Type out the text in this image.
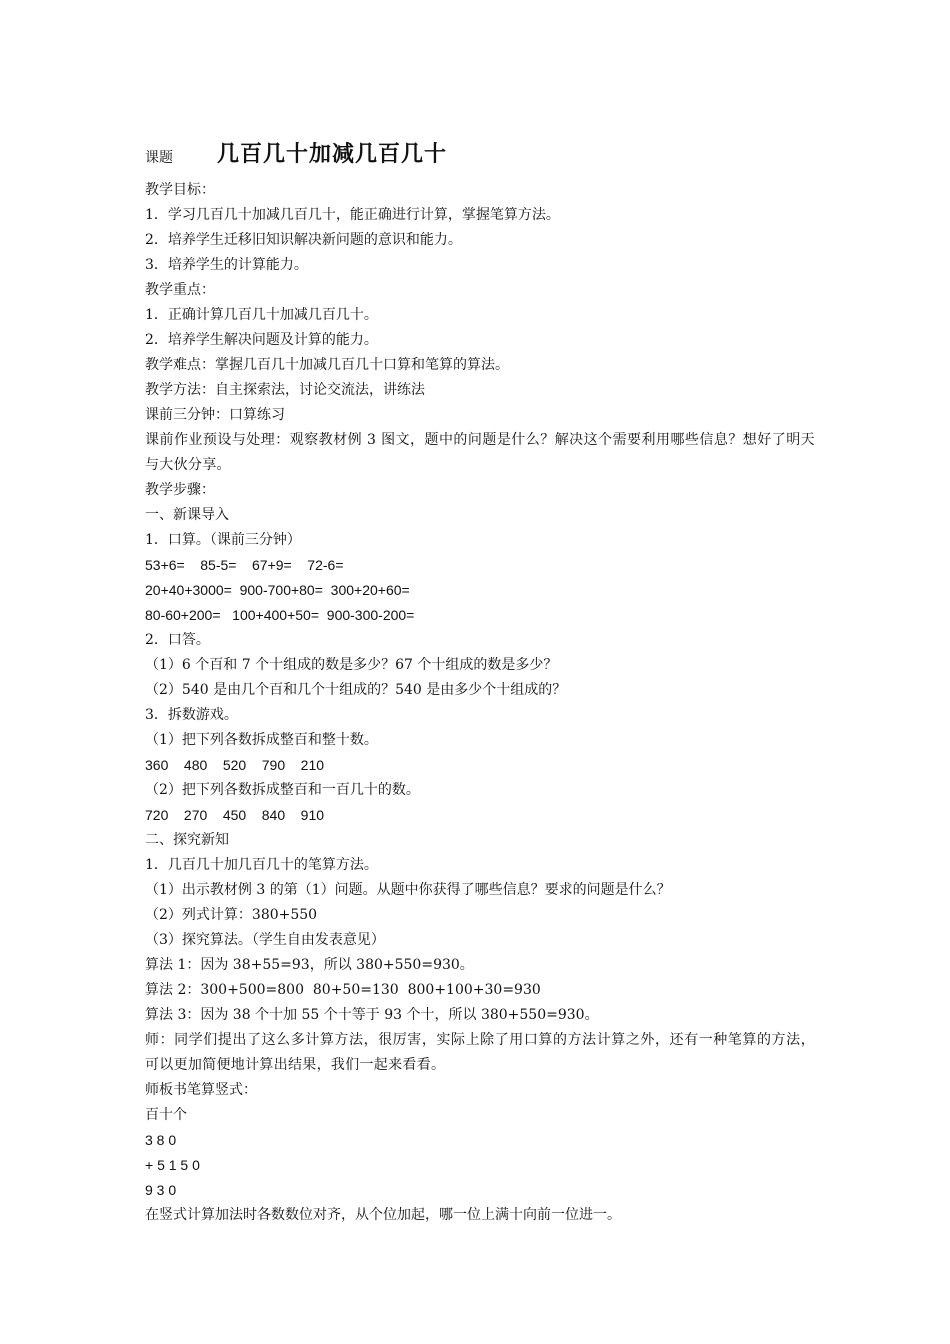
课题	几百几十加减几百几十
教学目标：
1．学习几百几十加减几百几十，能正确进行计算，掌握笔算方法。
2．培养学生迁移旧知识解决新问题的意识和能力。
3．培养学生的计算能力。
教学重点：
1．正确计算几百几十加减几百几十。
2．培养学生解决问题及计算的能力。
教学难点：掌握几百几十加减几百几十口算和笔算的算法。
教学方法：自主探索法，讨论交流法，讲练法
课前三分钟：口算练习
课前作业预设与处理：观察教材例 3 图文，题中的问题是什么？解决这个需要利用哪些信息？想好了明天与大伙分享。
教学步骤：
一、新课导入
1．口算。（课前三分钟）
53+6=    85-5=    67+9=    72-6=
20+40+3000=  900-700+80=  300+20+60=
80-60+200=   100+400+50=  900-300-200=
2．口答。
（1）6 个百和 7 个十组成的数是多少？67 个十组成的数是多少？
（2）540 是由几个百和几个十组成的？540 是由多少个十组成的？
3．拆数游戏。
（1）把下列各数拆成整百和整十数。
360    480    520    790    210
（2）把下列各数拆成整百和一百几十的数。
720    270    450    840    910
二、探究新知
1．几百几十加几百几十的笔算方法。
（1）出示教材例 3 的第（1）问题。从题中你获得了哪些信息？要求的问题是什么？
（2）列式计算：380+550
（3）探究算法。（学生自由发表意见）
算法 1：因为 38+55=93，所以 380+550=930。
算法 2：300+500=800  80+50=130  800+100+30=930
算法 3：因为 38 个十加 55 个十等于 93 个十，所以 380+550=930。
师：同学们提出了这么多计算方法，很厉害，实际上除了用口算的方法计算之外，还有一种笔算的方法，可以更加简便地计算出结果，我们一起来看看。
师板书笔算竖式：
百十个
3 8 0
+ 5 1 5 0
9 3 0
在竖式计算加法时各数数位对齐，从个位加起，哪一位上满十向前一位进一。
